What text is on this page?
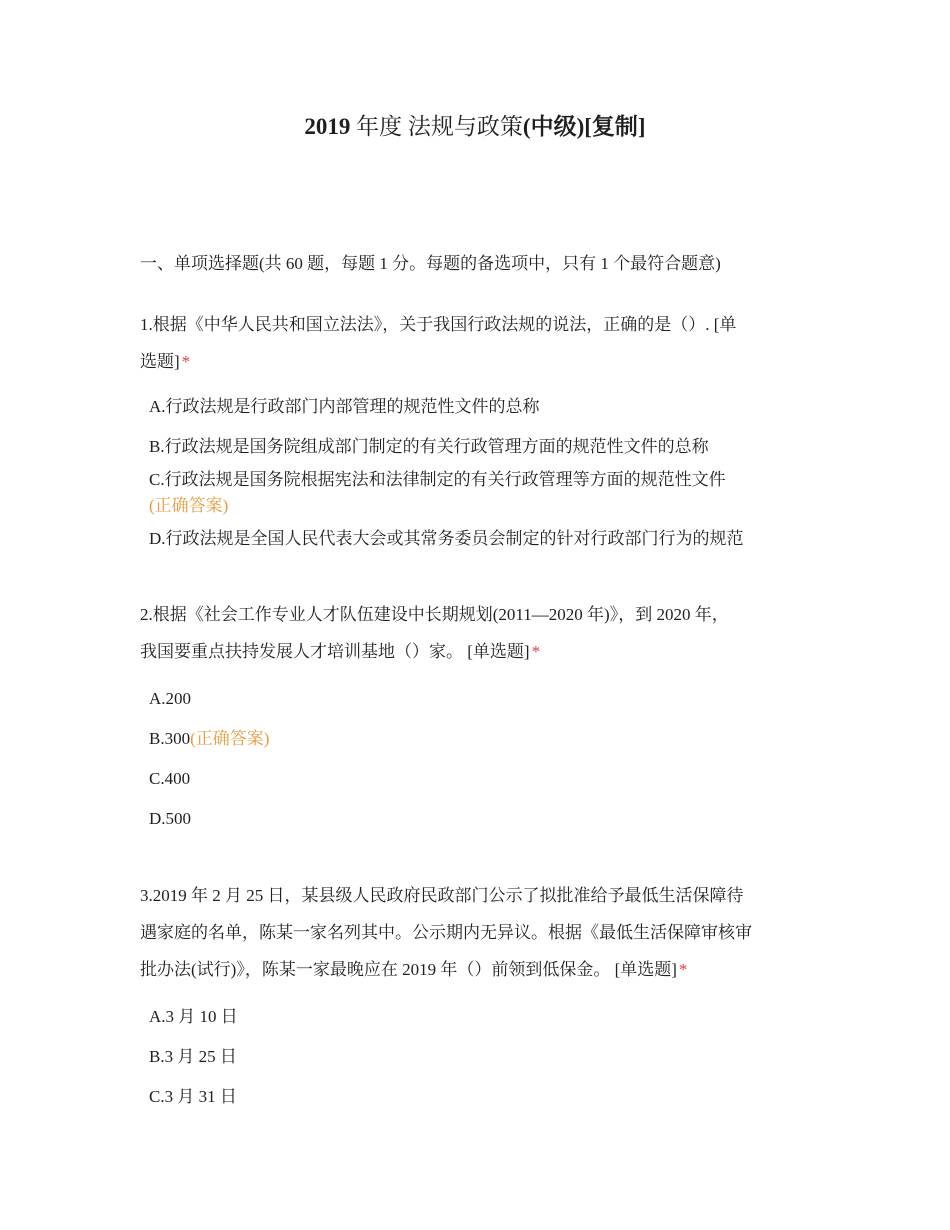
2019 年度 法规与政策(中级)[复制]
一、单项选择题(共 60 题，每题 1 分。每题的备选项中，只有 1 个最符合题意)
1.根据《中华人民共和国立法法》，关于我国行政法规的说法，正确的是（）. [单
选题] *
A.行政法规是行政部门内部管理的规范性文件的总称
B.行政法规是国务院组成部门制定的有关行政管理方面的规范性文件的总称
C.行政法规是国务院根据宪法和法律制定的有关行政管理等方面的规范性文件
(正确答案)
D.行政法规是全国人民代表大会或其常务委员会制定的针对行政部门行为的规范
2.根据《社会工作专业人才队伍建设中长期规划(2011—2020 年)》，到 2020 年，
我国要重点扶持发展人才培训基地（）家。 [单选题] *
A.200
B.300(正确答案)
C.400
D.500
3.2019 年 2 月 25 日，某县级人民政府民政部门公示了拟批准给予最低生活保障待
遇家庭的名单，陈某一家名列其中。公示期内无异议。根据《最低生活保障审核审
批办法(试行)》，陈某一家最晚应在 2019 年（）前领到低保金。 [单选题] *
A.3 月 10 日
B.3 月 25 日
C.3 月 31 日
